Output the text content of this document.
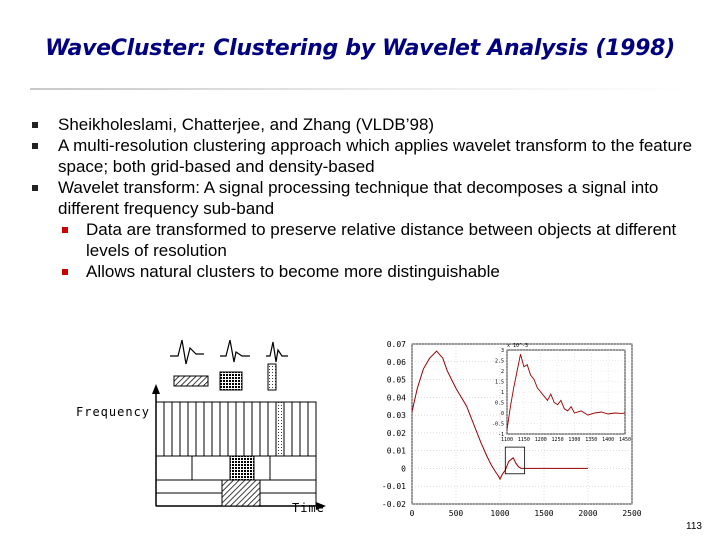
WaveCluster: Clustering by Wavelet Analysis (1998)
Sheikholeslami, Chatterjee, and Zhang (VLDB’98)
A multi-resolution clustering approach which applies wavelet transform to the feature space; both grid-based and density-based
Wavelet transform: A signal processing technique that decomposes a signal into different frequency sub-band
Data are transformed to preserve relative distance between objects at different levels of resolution
Allows natural clusters to become more distinguishable
Frequency
Time
0.07
0.06
0.05
0.04
0.03
0.02
0.01
0
-0.01
-0.02
0	500	1000	1500	2000	2500
3
2.5
2
1.5
1
0.5
0
-0.5
-1
1100 1150 1200 1250 1300 1350 1400 1450
x 10^-3
113
